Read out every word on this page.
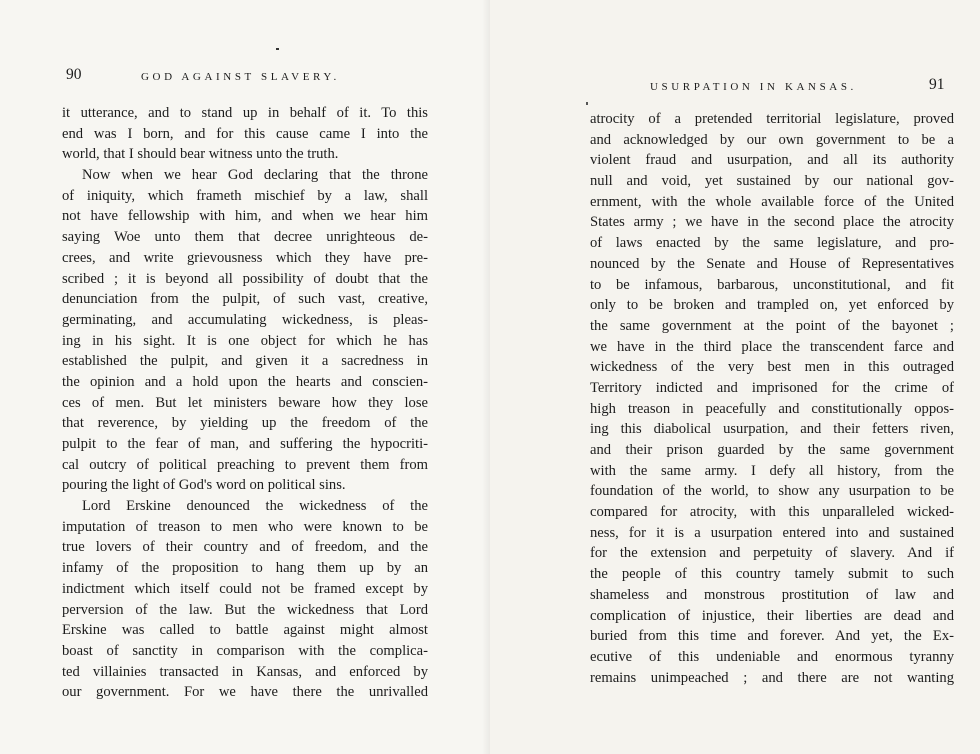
90	GOD AGAINST SLAVERY.
it utterance, and to stand up in behalf of it. To this
end was I born, and for this cause came I into the
world, that I should bear witness unto the truth.
Now when we hear God declaring that the throne
of iniquity, which frameth mischief by a law, shall
not have fellowship with him, and when we hear him
saying Woe unto them that decree unrighteous de-
crees, and write grievousness which they have pre-
scribed ; it is beyond all possibility of doubt that the
denunciation from the pulpit, of such vast, creative,
germinating, and accumulating wickedness, is pleas-
ing in his sight. It is one object for which he has
established the pulpit, and given it a sacredness in
the opinion and a hold upon the hearts and conscien-
ces of men. But let ministers beware how they lose
that reverence, by yielding up the freedom of the
pulpit to the fear of man, and suffering the hypocriti-
cal outcry of political preaching to prevent them from
pouring the light of God's word on political sins.
Lord Erskine denounced the wickedness of the
imputation of treason to men who were known to be
true lovers of their country and of freedom, and the
infamy of the proposition to hang them up by an
indictment which itself could not be framed except by
perversion of the law. But the wickedness that Lord
Erskine was called to battle against might almost
boast of sanctity in comparison with the complica-
ted villainies transacted in Kansas, and enforced by
our government. For we have there the unrivalled
USURPATION IN KANSAS.	91
atrocity of a pretended territorial legislature, proved
and acknowledged by our own government to be a
violent fraud and usurpation, and all its authority
null and void, yet sustained by our national gov-
ernment, with the whole available force of the United
States army ; we have in the second place the atrocity
of laws enacted by the same legislature, and pro-
nounced by the Senate and House of Representatives
to be infamous, barbarous, unconstitutional, and fit
only to be broken and trampled on, yet enforced by
the same government at the point of the bayonet ;
we have in the third place the transcendent farce and
wickedness of the very best men in this outraged
Territory indicted and imprisoned for the crime of
high treason in peacefully and constitutionally oppos-
ing this diabolical usurpation, and their fetters riven,
and their prison guarded by the same government
with the same army. I defy all history, from the
foundation of the world, to show any usurpation to be
compared for atrocity, with this unparalleled wicked-
ness, for it is a usurpation entered into and sustained
for the extension and perpetuity of slavery. And if
the people of this country tamely submit to such
shameless and monstrous prostitution of law and
complication of injustice, their liberties are dead and
buried from this time and forever. And yet, the Ex-
ecutive of this undeniable and enormous tyranny
remains unimpeached ; and there are not wanting
